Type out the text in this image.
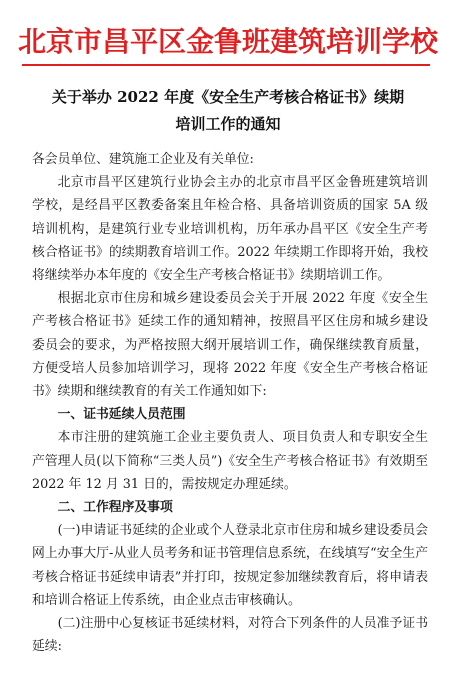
北京市昌平区金鲁班建筑培训学校
关于举办 2022 年度《安全生产考核合格证书》续期
培训工作的通知

各会员单位、建筑施工企业及有关单位:

北京市昌平区建筑行业协会主办的北京市昌平区金鲁班建筑培训学校，是经昌平区教委备案且年检合格、具备培训资质的国家 5A 级培训机构，是建筑行业专业培训机构，历年承办昌平区《安全生产考核合格证书》的续期教育培训工作。2022 年续期工作即将开始，我校将继续举办本年度的《安全生产考核合格证书》续期培训工作。

根据北京市住房和城乡建设委员会关于开展 2022 年度《安全生产考核合格证书》延续工作的通知精神，按照昌平区住房和城乡建设委员会的要求，为严格按照大纲开展培训工作，确保继续教育质量，方便受培人员参加培训学习，现将 2022 年度《安全生产考核合格证书》续期和继续教育的有关工作通知如下:

一、证书延续人员范围

本市注册的建筑施工企业主要负责人、项目负责人和专职安全生产管理人员(以下简称“三类人员”)《安全生产考核合格证书》有效期至 2022 年 12 月 31 日的，需按规定办理延续。

二、工作程序及事项

(一)申请证书延续的企业或个人登录北京市住房和城乡建设委员会网上办事大厅-从业人员考务和证书管理信息系统，在线填写“安全生产考核合格证书延续申请表”并打印，按规定参加继续教育后，将申请表和培训合格证上传系统，由企业点击审核确认。

(二)注册中心复核证书延续材料，对符合下列条件的人员准予证书延续:
